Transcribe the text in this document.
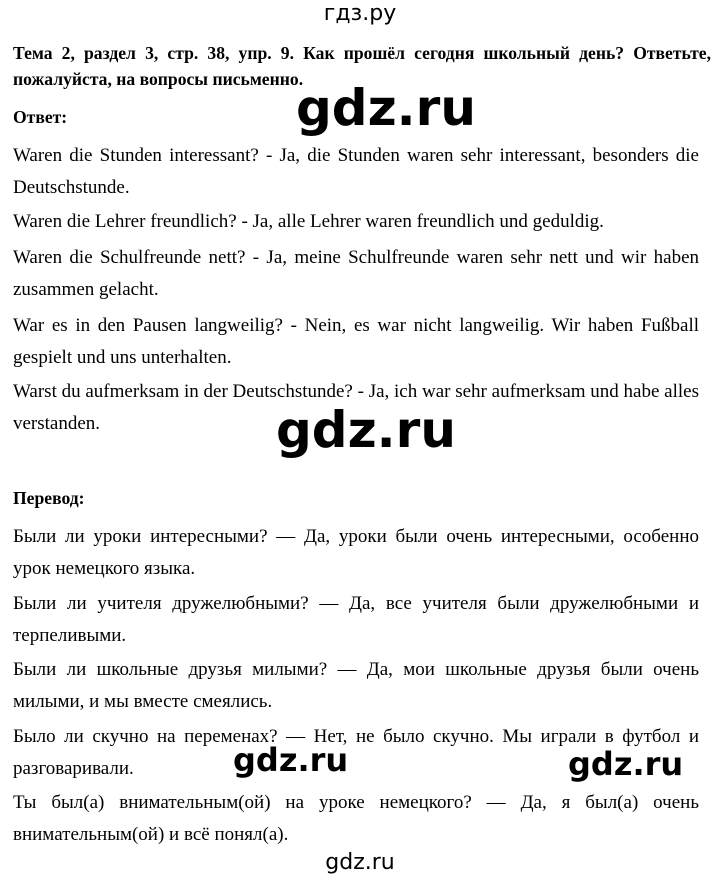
гдз.ру
Тема 2, раздел 3, стр. 38, упр. 9. Как прошёл сегодня школьный день? Ответьте, пожалуйста, на вопросы письменно.
gdz.ru
Ответ:
Waren die Stunden interessant? - Ja, die Stunden waren sehr interessant, besonders die Deutschstunde.
Waren die Lehrer freundlich? - Ja, alle Lehrer waren freundlich und geduldig.
Waren die Schulfreunde nett? - Ja, meine Schulfreunde waren sehr nett und wir haben zusammen gelacht.
War es in den Pausen langweilig? - Nein, es war nicht langweilig. Wir haben Fußball gespielt und uns unterhalten.
Warst du aufmerksam in der Deutschstunde? - Ja, ich war sehr aufmerksam und habe alles verstanden.	gdz.ru
Перевод:
Были ли уроки интересными? — Да, уроки были очень интересными, особенно урок немецкого языка.
Были ли учителя дружелюбными? — Да, все учителя были дружелюбными и терпеливыми.
Были ли школьные друзья милыми? — Да, мои школьные друзья были очень милыми, и мы вместе смеялись.
Было ли скучно на переменах? — Нет, не было скучно. Мы играли в футбол и разговаривали.
Ты был(а) внимательным(ой) на уроке немецкого? — Да, я был(а) очень внимательным(ой) и всё понял(а).
gdz.ru	gdz.ru
gdz.ru
